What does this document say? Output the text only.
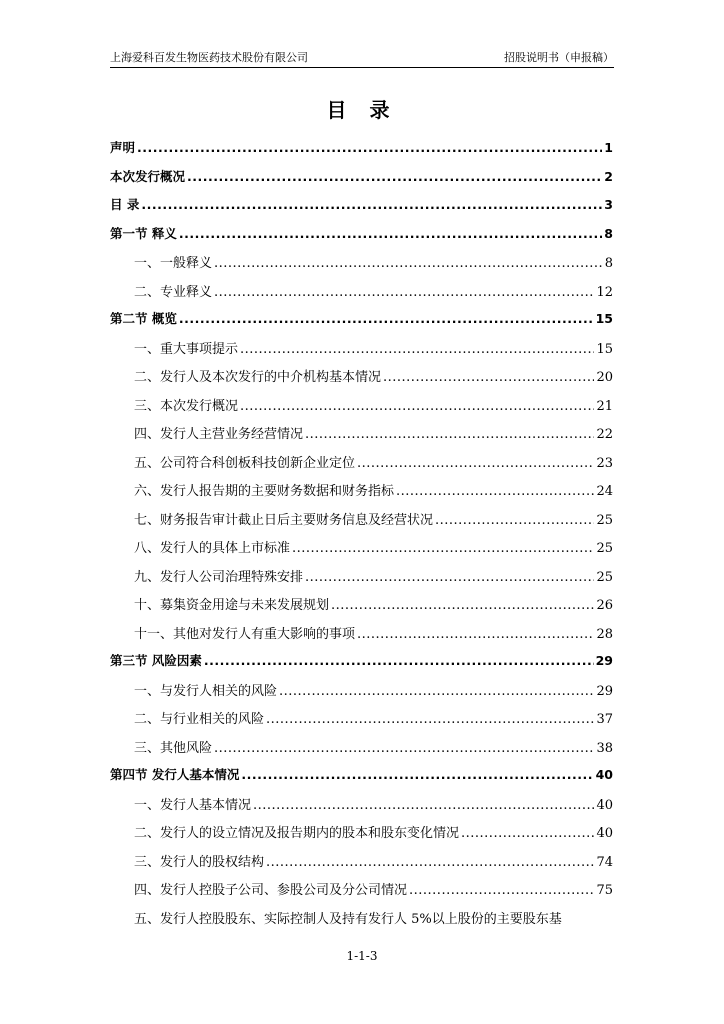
上海爱科百发生物医药技术股份有限公司	招股说明书（申报稿）
目 录
声明 .....	1
本次发行概况 .....	2
目 录 .....	3
第一节 释义 .....	8
一、一般释义 .....	8
二、专业释义 .....	12
第二节 概览 .....	15
一、重大事项提示 .....	15
二、发行人及本次发行的中介机构基本情况 .....	20
三、本次发行概况 .....	21
四、发行人主营业务经营情况 .....	22
五、公司符合科创板科技创新企业定位 .....	23
六、发行人报告期的主要财务数据和财务指标 .....	24
七、财务报告审计截止日后主要财务信息及经营状况 .....	25
八、发行人的具体上市标准 .....	25
九、发行人公司治理特殊安排 .....	25
十、募集资金用途与未来发展规划 .....	26
十一、其他对发行人有重大影响的事项 .....	28
第三节 风险因素 .....	29
一、与发行人相关的风险 .....	29
二、与行业相关的风险 .....	37
三、其他风险 .....	38
第四节 发行人基本情况 .....	40
一、发行人基本情况 .....	40
二、发行人的设立情况及报告期内的股本和股东变化情况 .....	40
三、发行人的股权结构 .....	74
四、发行人控股子公司、参股公司及分公司情况 .....	75
五、发行人控股股东、实际控制人及持有发行人 5%以上股份的主要股东基
1-1-3
